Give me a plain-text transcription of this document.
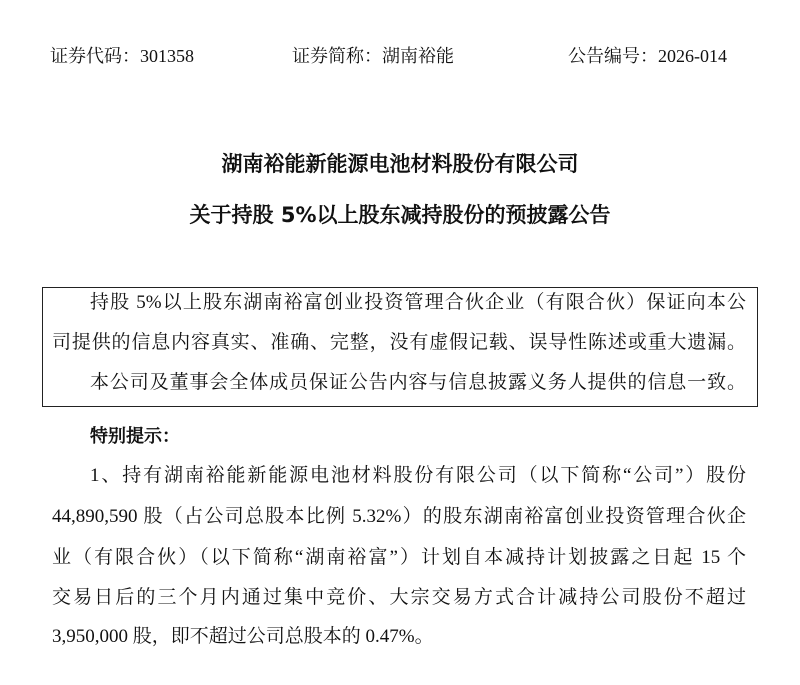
证券代码：301358	证券简称：湖南裕能	公告编号：2026-014
湖南裕能新能源电池材料股份有限公司
关于持股 5%以上股东减持股份的预披露公告
持股 5%以上股东湖南裕富创业投资管理合伙企业（有限合伙）保证向本公
司提供的信息内容真实、准确、完整，没有虚假记载、误导性陈述或重大遗漏。
本公司及董事会全体成员保证公告内容与信息披露义务人提供的信息一致。
特别提示：
1、持有湖南裕能新能源电池材料股份有限公司（以下简称“公司”）股份
44,890,590 股（占公司总股本比例 5.32%）的股东湖南裕富创业投资管理合伙企
业（有限合伙）（以下简称“湖南裕富”）计划自本减持计划披露之日起 15 个
交易日后的三个月内通过集中竞价、大宗交易方式合计减持公司股份不超过
3,950,000 股，即不超过公司总股本的 0.47%。
